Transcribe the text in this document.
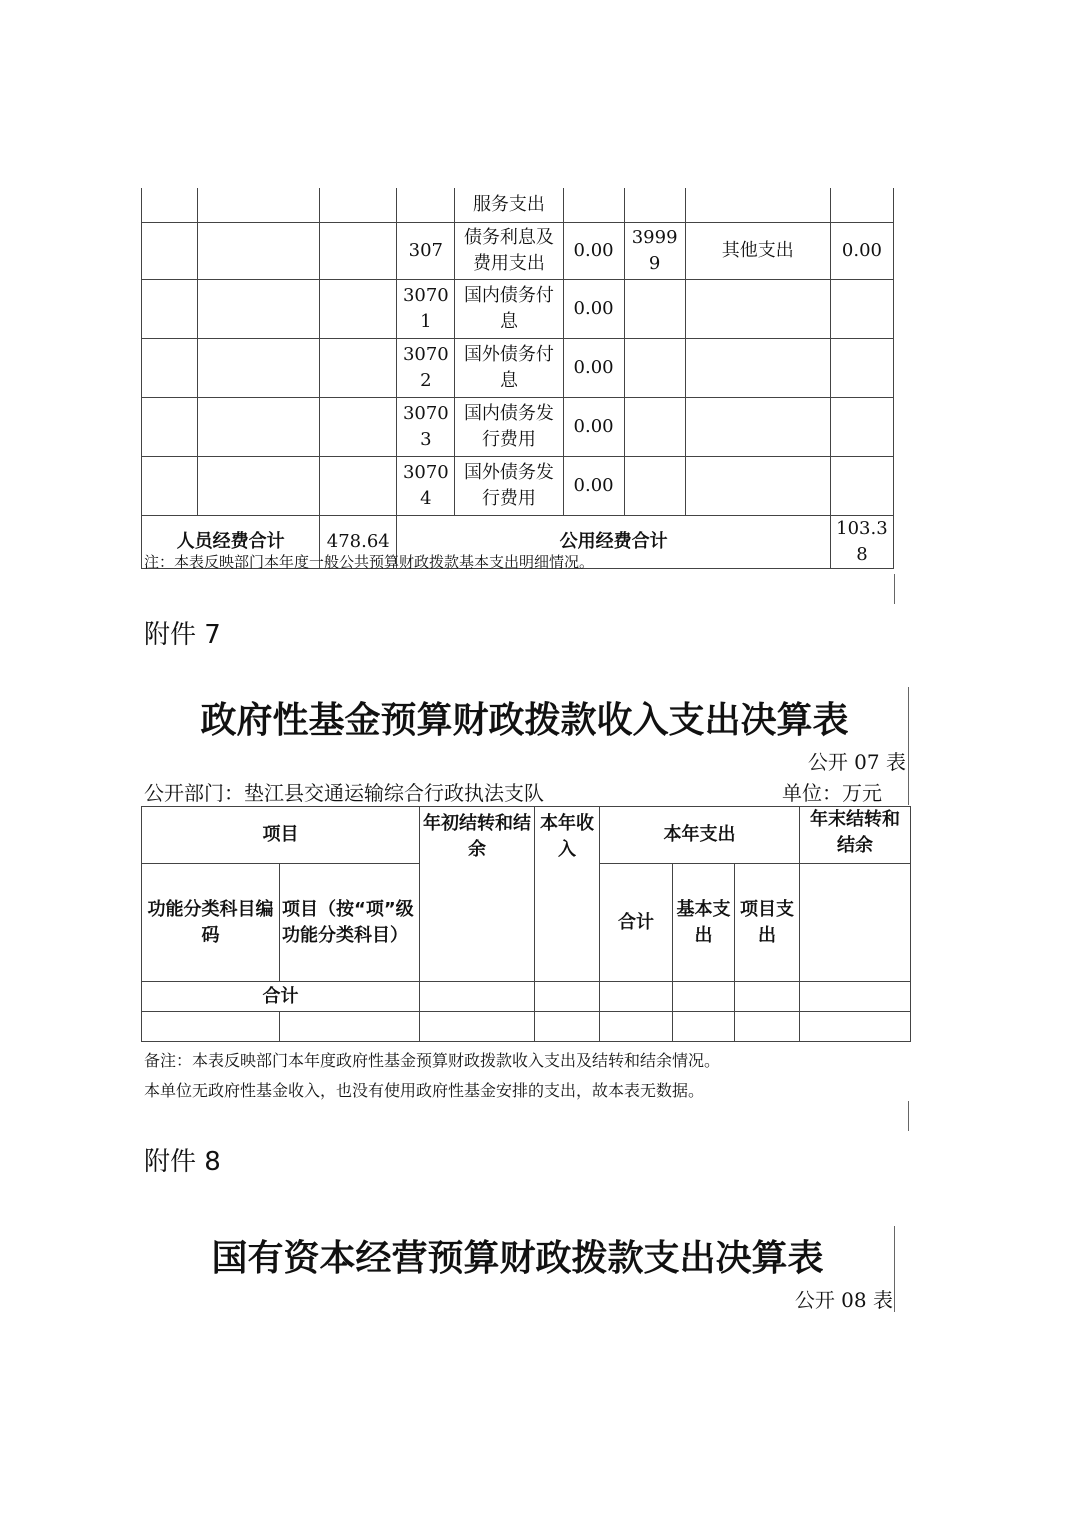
				服务支出				
			307	债务利息及费用支出	0.00	39999	其他支出	0.00
			30701	国内债务付息	0.00			
			30702	国外债务付息	0.00			
			30703	国内债务发行费用	0.00			
			30704	国外债务发行费用	0.00			
人员经费合计		478.64	公用经费合计					103.38
注：本表反映部门本年度一般公共预算财政拨款基本支出明细情况。
附件 7
政府性基金预算财政拨款收入支出决算表
公开 07 表
公开部门：垫江县交通运输综合行政执法支队	单位：万元
项目		年初结转和结余	本年收入	本年支出			年末结转和结余
功能分类科目编码	项目（按“项”级功能分类科目）			合计	基本支出	项目支出	
合计							

备注：本表反映部门本年度政府性基金预算财政拨款收入支出及结转和结余情况。
本单位无政府性基金收入，也没有使用政府性基金安排的支出，故本表无数据。
附件 8
国有资本经营预算财政拨款支出决算表
公开 08 表
